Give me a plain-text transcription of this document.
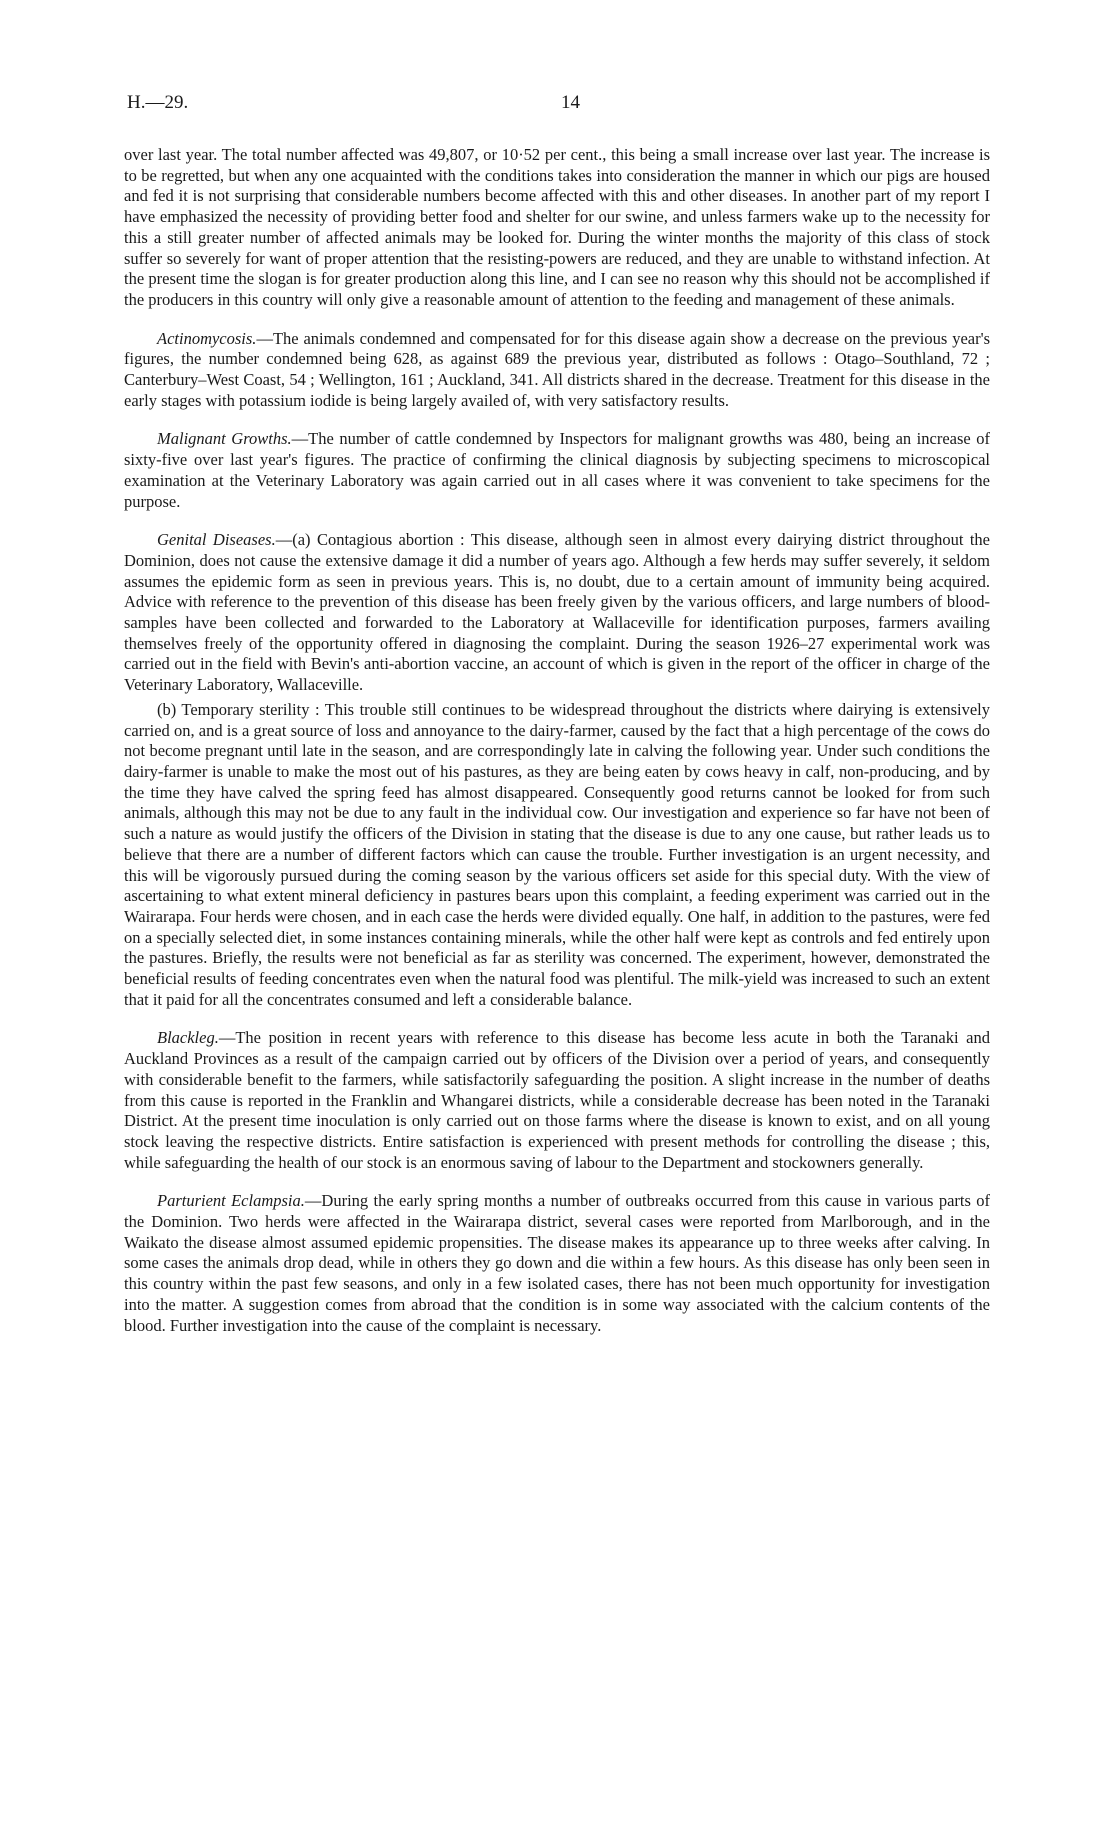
H.—29.	14

over last year. The total number affected was 49,807, or 10·52 per cent., this being a small increase over last year. The increase is to be regretted, but when any one acquainted with the conditions takes into consideration the manner in which our pigs are housed and fed it is not surprising that considerable numbers become affected with this and other diseases. In another part of my report I have emphasized the necessity of providing better food and shelter for our swine, and unless farmers wake up to the necessity for this a still greater number of affected animals may be looked for. During the winter months the majority of this class of stock suffer so severely for want of proper attention that the resisting-powers are reduced, and they are unable to withstand infection. At the present time the slogan is for greater production along this line, and I can see no reason why this should not be accomplished if the producers in this country will only give a reasonable amount of attention to the feeding and management of these animals.

Actinomycosis.—The animals condemned and compensated for for this disease again show a decrease on the previous year's figures, the number condemned being 628, as against 689 the previous year, distributed as follows : Otago–Southland, 72 ; Canterbury–West Coast, 54 ; Wellington, 161 ; Auckland, 341. All districts shared in the decrease. Treatment for this disease in the early stages with potassium iodide is being largely availed of, with very satisfactory results.

Malignant Growths.—The number of cattle condemned by Inspectors for malignant growths was 480, being an increase of sixty-five over last year's figures. The practice of confirming the clinical diagnosis by subjecting specimens to microscopical examination at the Veterinary Laboratory was again carried out in all cases where it was convenient to take specimens for the purpose.

Genital Diseases.—(a) Contagious abortion : This disease, although seen in almost every dairying district throughout the Dominion, does not cause the extensive damage it did a number of years ago. Although a few herds may suffer severely, it seldom assumes the epidemic form as seen in previous years. This is, no doubt, due to a certain amount of immunity being acquired. Advice with reference to the prevention of this disease has been freely given by the various officers, and large numbers of blood-samples have been collected and forwarded to the Laboratory at Wallaceville for identification purposes, farmers availing themselves freely of the opportunity offered in diagnosing the complaint. During the season 1926–27 experimental work was carried out in the field with Bevin's anti-abortion vaccine, an account of which is given in the report of the officer in charge of the Veterinary Laboratory, Wallaceville.

(b) Temporary sterility : This trouble still continues to be widespread throughout the districts where dairying is extensively carried on, and is a great source of loss and annoyance to the dairy-farmer, caused by the fact that a high percentage of the cows do not become pregnant until late in the season, and are correspondingly late in calving the following year. Under such conditions the dairy-farmer is unable to make the most out of his pastures, as they are being eaten by cows heavy in calf, non-producing, and by the time they have calved the spring feed has almost disappeared. Consequently good returns cannot be looked for from such animals, although this may not be due to any fault in the individual cow. Our investigation and experience so far have not been of such a nature as would justify the officers of the Division in stating that the disease is due to any one cause, but rather leads us to believe that there are a number of different factors which can cause the trouble. Further investigation is an urgent necessity, and this will be vigorously pursued during the coming season by the various officers set aside for this special duty. With the view of ascertaining to what extent mineral deficiency in pastures bears upon this complaint, a feeding experiment was carried out in the Wairarapa. Four herds were chosen, and in each case the herds were divided equally. One half, in addition to the pastures, were fed on a specially selected diet, in some instances containing minerals, while the other half were kept as controls and fed entirely upon the pastures. Briefly, the results were not beneficial as far as sterility was concerned. The experiment, however, demonstrated the beneficial results of feeding concentrates even when the natural food was plentiful. The milk-yield was increased to such an extent that it paid for all the concentrates consumed and left a considerable balance.

Blackleg.—The position in recent years with reference to this disease has become less acute in both the Taranaki and Auckland Provinces as a result of the campaign carried out by officers of the Division over a period of years, and consequently with considerable benefit to the farmers, while satisfactorily safeguarding the position. A slight increase in the number of deaths from this cause is reported in the Franklin and Whangarei districts, while a considerable decrease has been noted in the Taranaki District. At the present time inoculation is only carried out on those farms where the disease is known to exist, and on all young stock leaving the respective districts. Entire satisfaction is experienced with present methods for controlling the disease ; this, while safeguarding the health of our stock is an enormous saving of labour to the Department and stockowners generally.

Parturient Eclampsia.—During the early spring months a number of outbreaks occurred from this cause in various parts of the Dominion. Two herds were affected in the Wairarapa district, several cases were reported from Marlborough, and in the Waikato the disease almost assumed epidemic propensities. The disease makes its appearance up to three weeks after calving. In some cases the animals drop dead, while in others they go down and die within a few hours. As this disease has only been seen in this country within the past few seasons, and only in a few isolated cases, there has not been much opportunity for investigation into the matter. A suggestion comes from abroad that the condition is in some way associated with the calcium contents of the blood. Further investigation into the cause of the complaint is necessary.
